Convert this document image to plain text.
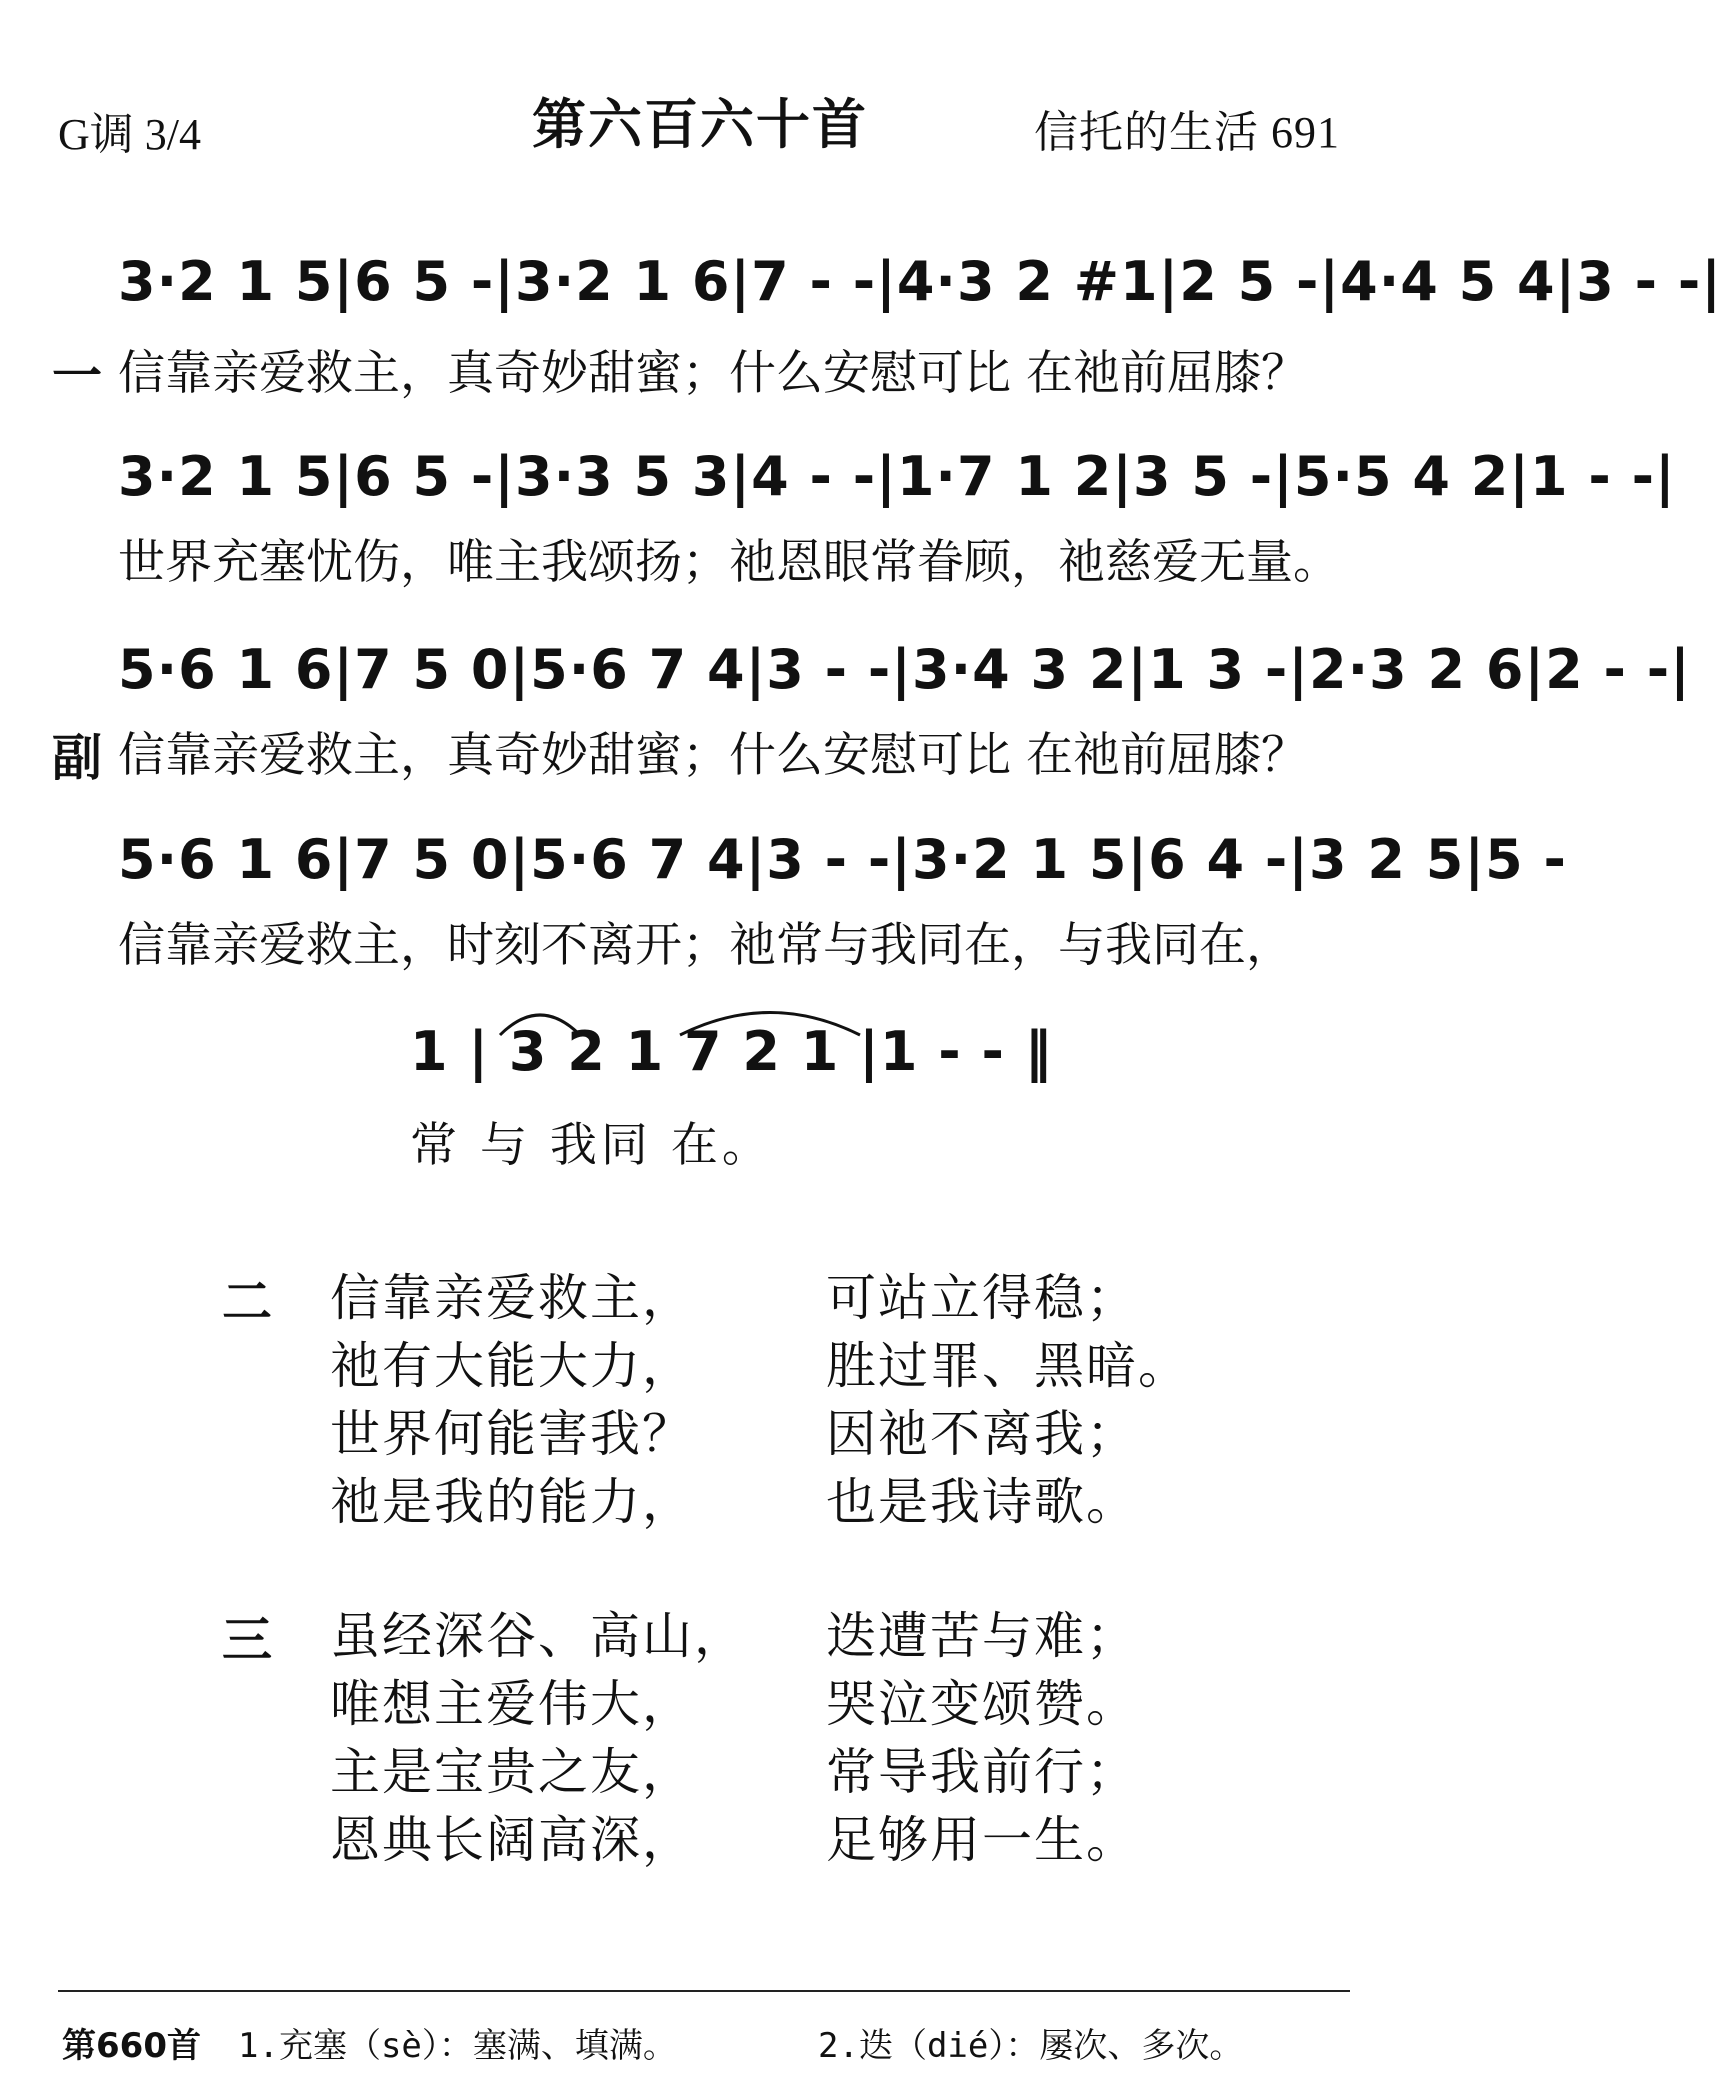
G调 3/4	第六百六十首	信托的生活 691
一
3·2 1 5|6 5 -|3·2 1 6|7 - -|4·3 2 #1|2 5 -|4·4 5 4|3 - -|
信靠亲爱救主，真奇妙甜蜜；什么安慰可比 在祂前屈膝？
3·2 1 5|6 5 -|3·3 5 3|4 - -|1·7 1 2|3 5 -|5·5 4 2|1 - -|
世界充塞忧伤，唯主我颂扬；祂恩眼常眷顾，祂慈爱无量。
副
5·6 1 6|7 5 0|5·6 7 4|3 - -|3·4 3 2|1 3 -|2·3 2 6|2 - -|
信靠亲爱救主，真奇妙甜蜜；什么安慰可比 在祂前屈膝？
5·6 1 6|7 5 0|5·6 7 4|3 - -|3·2 1 5|6 4 -|3 2 5|5 -
信靠亲爱救主，时刻不离开；祂常与我同在，与我同在，
1 | 3 2 1 7 2 1 |1 - - ‖
常 与 我同 在。
二 信靠亲爱救主，	可站立得稳；
祂有大能大力，	胜过罪、黑暗。
世界何能害我？	因祂不离我；
祂是我的能力，	也是我诗歌。
三 虽经深谷、高山， 迭遭苦与难；
唯想主爱伟大，	哭泣变颂赞。
主是宝贵之友，	常导我前行；
恩典长阔高深，	足够用一生。
第660首 1.充塞（sè）：塞满、填满。	2.迭（dié）：屡次、多次。
